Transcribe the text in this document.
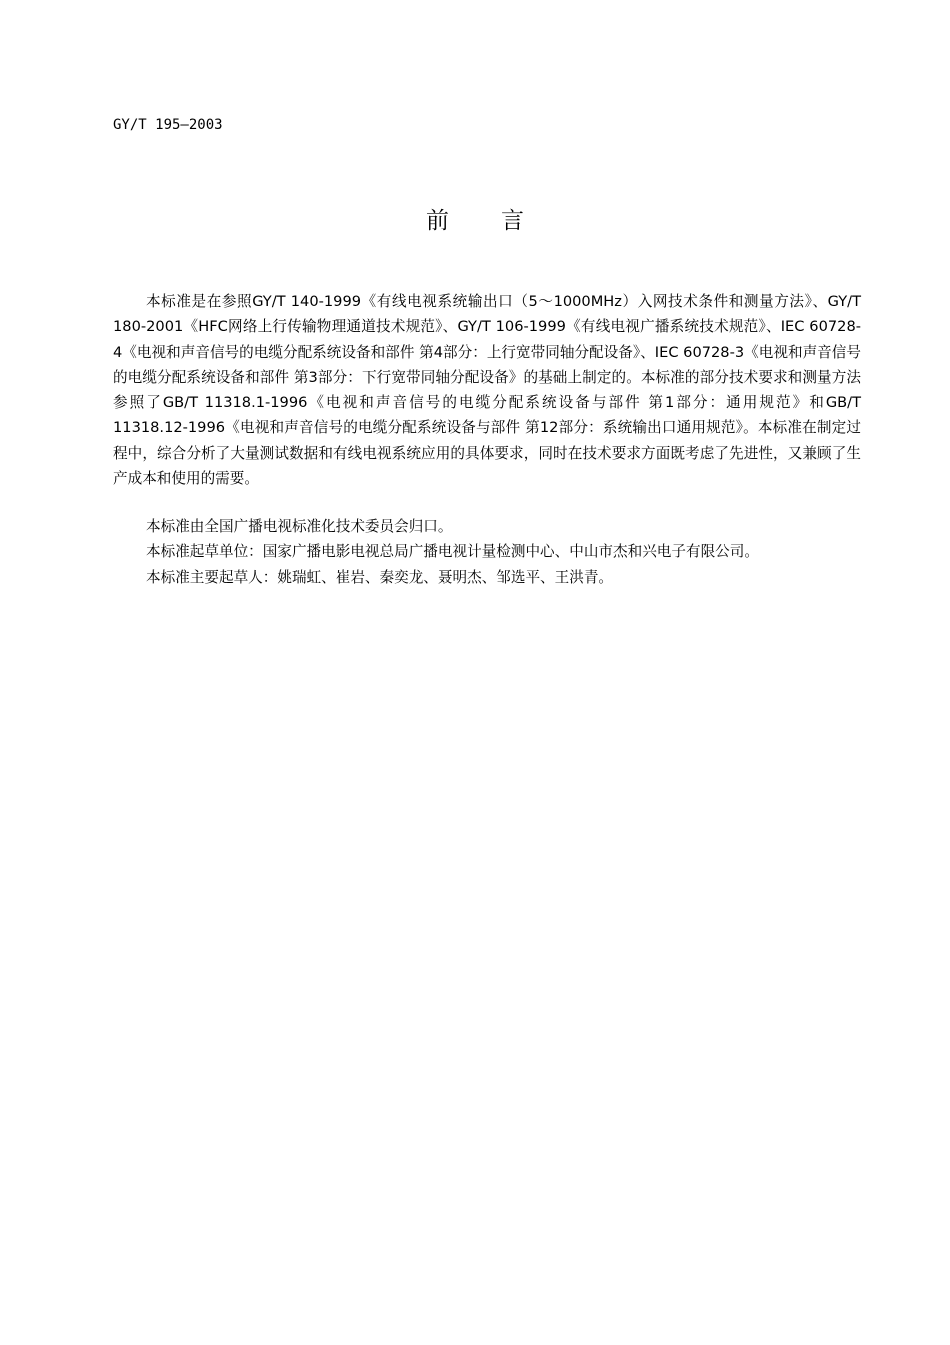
GY/T 195—2003
前言

本标准是在参照GY/T 140-1999《有线电视系统输出口（5～1000MHz）入网技术条件和测量方法》、GY/T 180-2001《HFC网络上行传输物理通道技术规范》、GY/T 106-1999《有线电视广播系统技术规范》、IEC 60728-4《电视和声音信号的电缆分配系统设备和部件 第4部分：上行宽带同轴分配设备》、IEC 60728-3《电视和声音信号的电缆分配系统设备和部件 第3部分：下行宽带同轴分配设备》的基础上制定的。本标准的部分技术要求和测量方法参照了GB/T 11318.1-1996《电视和声音信号的电缆分配系统设备与部件 第1部分：通用规范》和GB/T 11318.12-1996《电视和声音信号的电缆分配系统设备与部件 第12部分：系统输出口通用规范》。本标准在制定过程中，综合分析了大量测试数据和有线电视系统应用的具体要求，同时在技术要求方面既考虑了先进性，又兼顾了生产成本和使用的需要。

本标准由全国广播电视标准化技术委员会归口。

本标准起草单位：国家广播电影电视总局广播电视计量检测中心、中山市杰和兴电子有限公司。

本标准主要起草人：姚瑞虹、崔岩、秦奕龙、聂明杰、邹选平、王洪青。
